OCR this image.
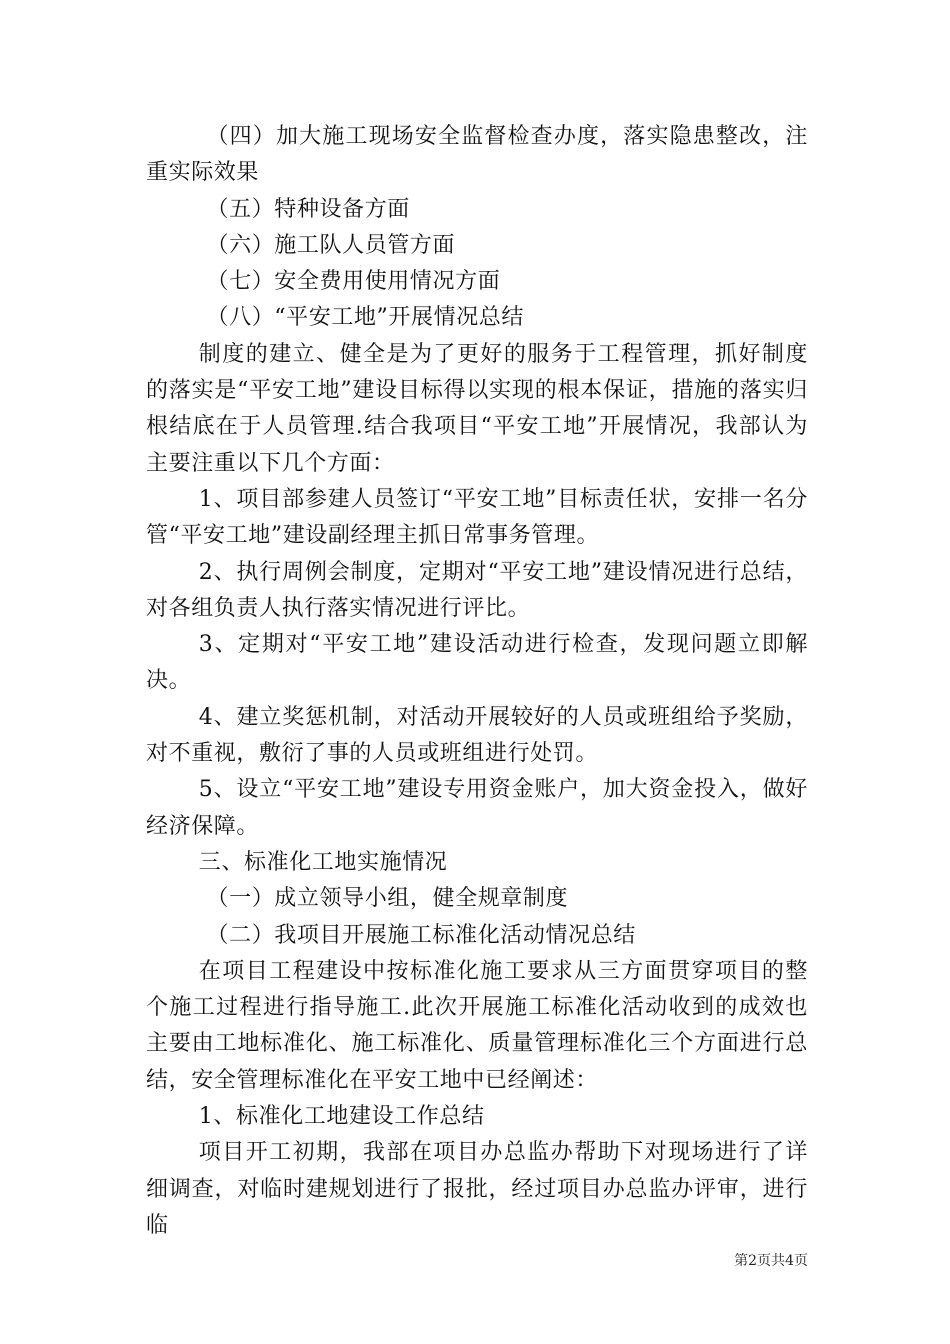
（四）加大施工现场安全监督检查办度，落实隐患整改，注重实际效果

（五）特种设备方面

（六）施工队人员管方面

（七）安全费用使用情况方面

（八）“平安工地”开展情况总结

制度的建立、健全是为了更好的服务于工程管理，抓好制度的落实是“平安工地”建设目标得以实现的根本保证，措施的落实归根结底在于人员管理.结合我项目“平安工地”开展情况，我部认为主要注重以下几个方面：

1、项目部参建人员签订“平安工地”目标责任状，安排一名分管“平安工地”建设副经理主抓日常事务管理。

2、执行周例会制度，定期对“平安工地”建设情况进行总结，对各组负责人执行落实情况进行评比。

3、定期对“平安工地”建设活动进行检查，发现问题立即解决。

4、建立奖惩机制，对活动开展较好的人员或班组给予奖励，对不重视，敷衍了事的人员或班组进行处罚。

5、设立“平安工地”建设专用资金账户，加大资金投入，做好经济保障。

三、标准化工地实施情况

（一）成立领导小组，健全规章制度

（二）我项目开展施工标准化活动情况总结

在项目工程建设中按标准化施工要求从三方面贯穿项目的整个施工过程进行指导施工.此次开展施工标准化活动收到的成效也主要由工地标准化、施工标准化、质量管理标准化三个方面进行总结，安全管理标准化在平安工地中已经阐述：

1、标准化工地建设工作总结

项目开工初期，我部在项目办总监办帮助下对现场进行了详细调查，对临时建规划进行了报批，经过项目办总监办评审，进行临

第2页共4页
